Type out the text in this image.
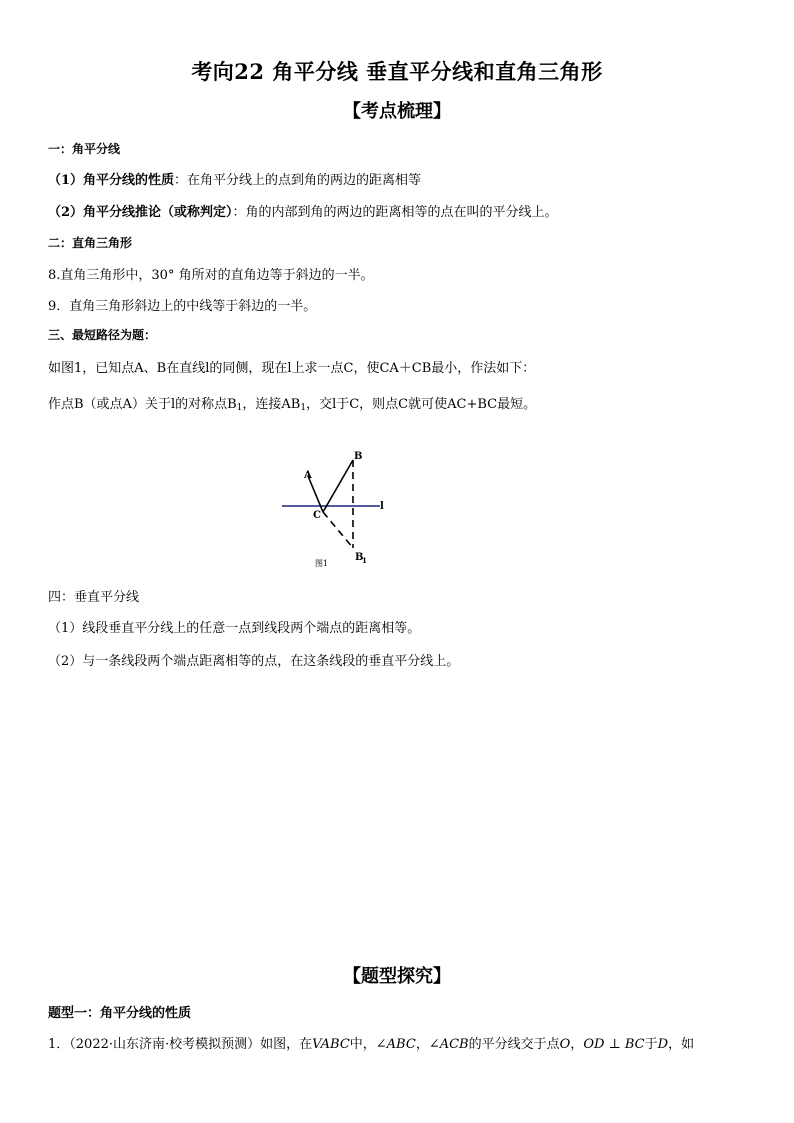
考向22 角平分线 垂直平分线和直角三角形
【考点梳理】
一：角平分线
（1）角平分线的性质：在角平分线上的点到角的两边的距离相等
（2）角平分线推论（或称判定）：角的内部到角的两边的距离相等的点在叫的平分线上。
二：直角三角形
8.直角三角形中，30° 角所对的直角边等于斜边的一半。
9．直角三角形斜边上的中线等于斜边的一半。
三、最短路径为题：
如图1，已知点A、B在直线l的同侧，现在l上求一点C，使CA＋CB最小，作法如下：
作点B（或点A）关于l的对称点$B_1$，连接$AB_1$，交l于C，则点C就可使AC+BC最短。
A
B
C
l
B
1
图1
四：垂直平分线
（1）线段垂直平分线上的任意一点到线段两个端点的距离相等。
（2）与一条线段两个端点距离相等的点，在这条线段的垂直平分线上。
【题型探究】
题型一：角平分线的性质
1．（2022·山东济南·校考模拟预测）如图，在VABC中，∠ABC，∠ACB的平分线交于点O，OD ⊥ BC于D，如
